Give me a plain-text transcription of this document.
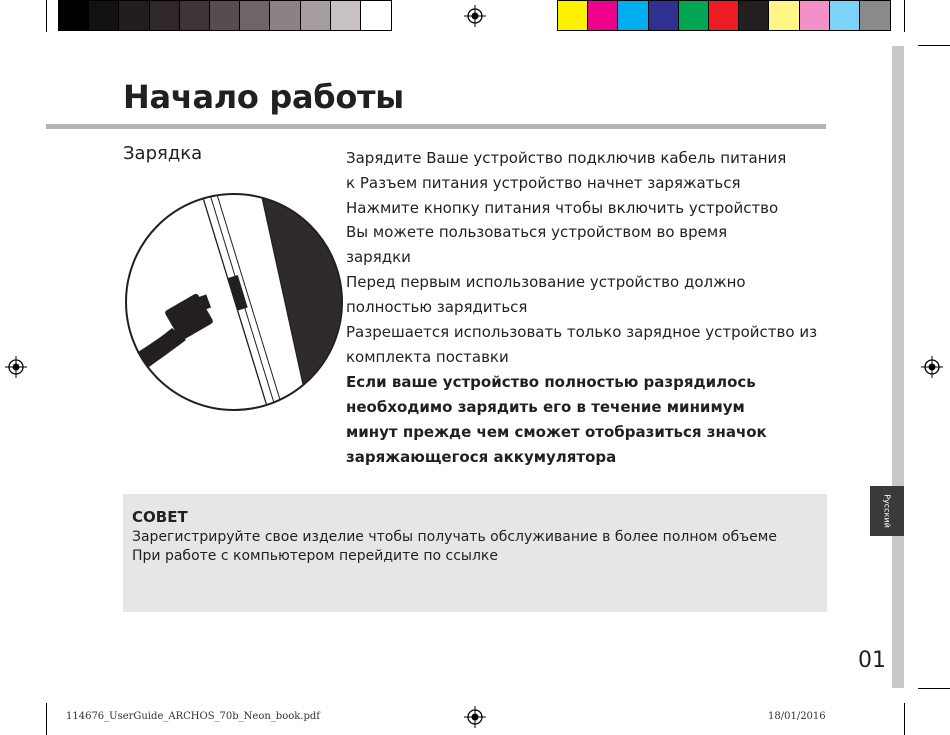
Русский
Начало работы
Зарядка	Зарядите Ваше устройство подключив кабель питания
к Разъем питания устройство начнет заряжаться
Нажмите кнопку питания чтобы включить устройство
Вы можете пользоваться устройством во время
зарядки
Перед первым использование устройство должно
полностью зарядиться
Разрешается использовать только зарядное устройство из
комплекта поставки
Если ваше устройство полностью разрядилось
необходимо зарядить его в течение минимум
минут прежде чем сможет отобразиться значок
заряжающегося аккумулятора
СОВЕТ
Зарегистрируйте свое изделие чтобы получать обслуживание в более полном объеме
При работе с компьютером перейдите по ссылке
01
114676_UserGuide_ARCHOS_70b_Neon_book.pdf	18/01/2016
